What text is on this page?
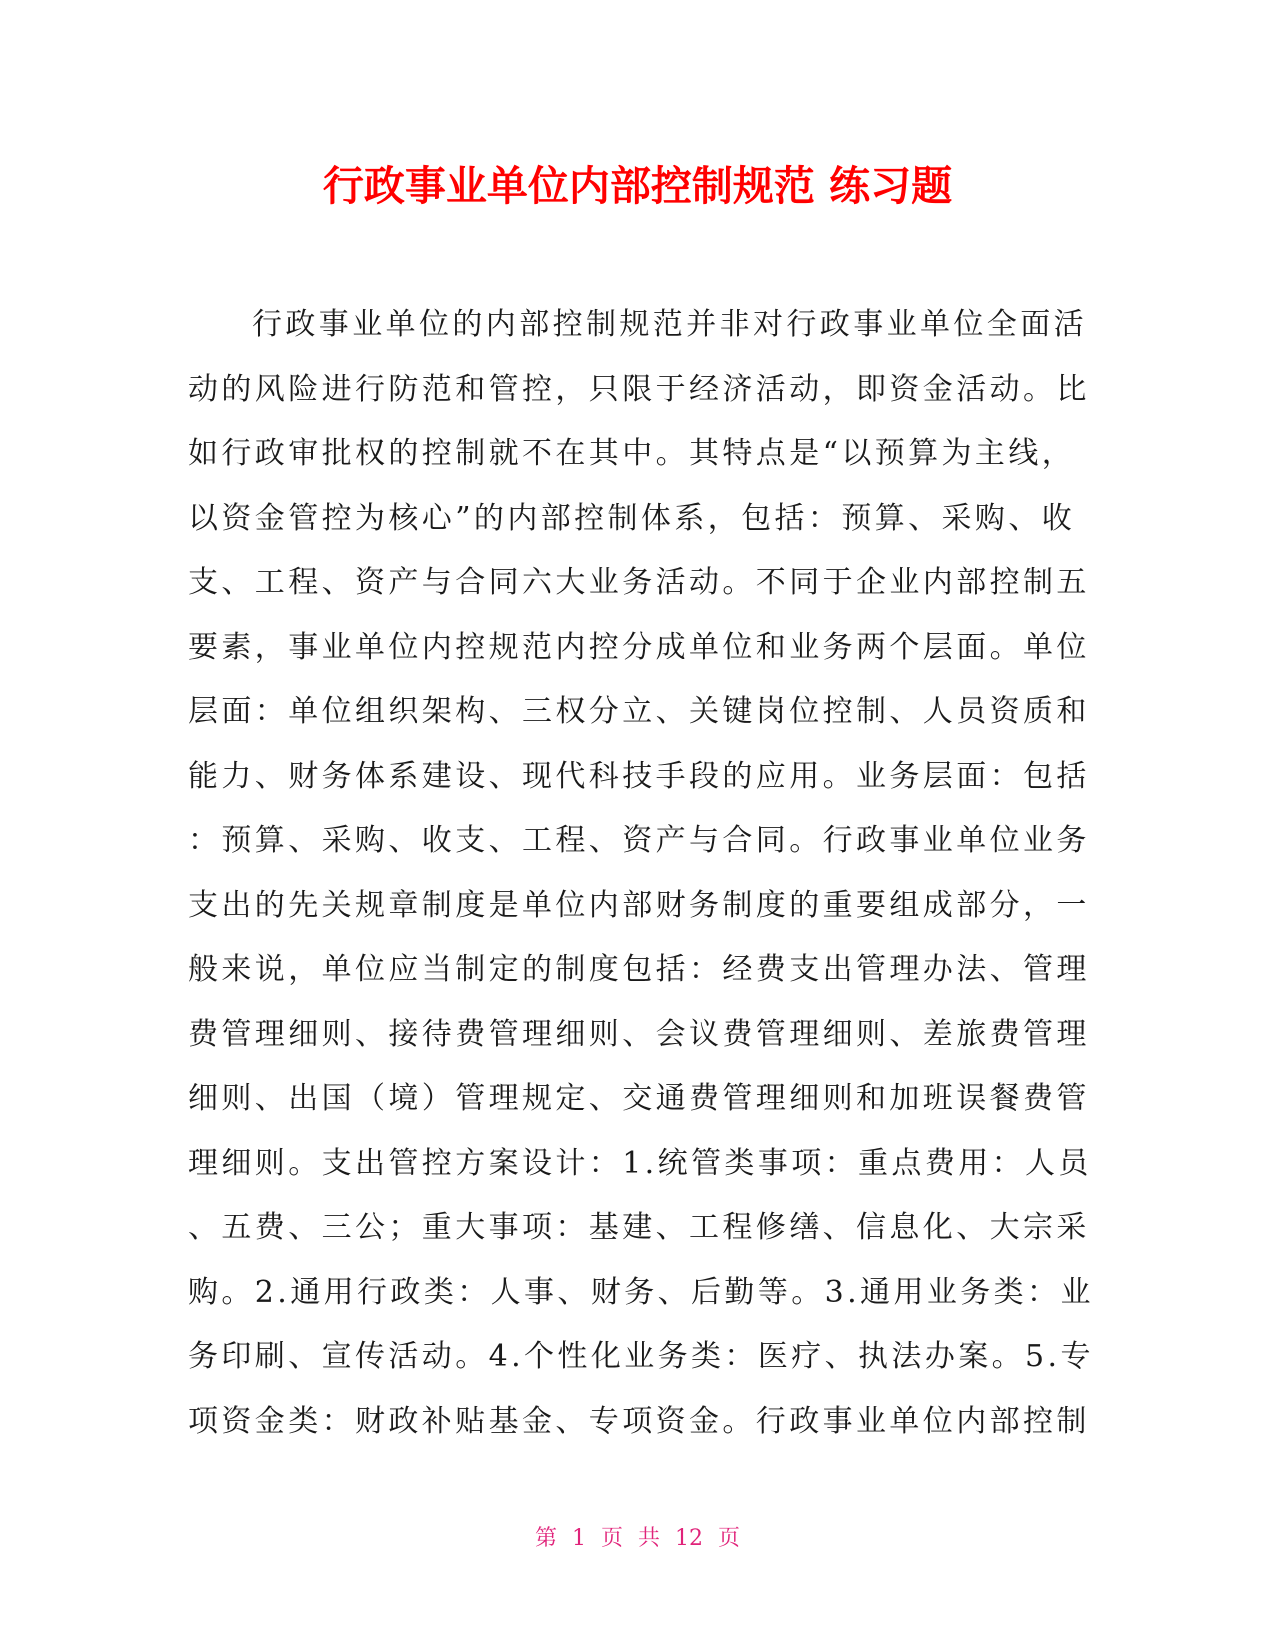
行政事业单位内部控制规范 练习题
行政事业单位的内部控制规范并非对行政事业单位全面活
动的风险进行防范和管控，只限于经济活动，即资金活动。比
如行政审批权的控制就不在其中。其特点是“以预算为主线，
以资金管控为核心”的内部控制体系，包括：预算、采购、收
支、工程、资产与合同六大业务活动。不同于企业内部控制五
要素，事业单位内控规范内控分成单位和业务两个层面。单位
层面：单位组织架构、三权分立、关键岗位控制、人员资质和
能力、财务体系建设、现代科技手段的应用。业务层面：包括
：预算、采购、收支、工程、资产与合同。行政事业单位业务
支出的先关规章制度是单位内部财务制度的重要组成部分，一
般来说，单位应当制定的制度包括：经费支出管理办法、管理
费管理细则、接待费管理细则、会议费管理细则、差旅费管理
细则、出国（境）管理规定、交通费管理细则和加班误餐费管
理细则。支出管控方案设计：1.统管类事项：重点费用：人员
、五费、三公；重大事项：基建、工程修缮、信息化、大宗采
购。2.通用行政类：人事、财务、后勤等。3.通用业务类：业
务印刷、宣传活动。4.个性化业务类：医疗、执法办案。5.专
项资金类：财政补贴基金、专项资金。行政事业单位内部控制
第 1 页 共 12 页
